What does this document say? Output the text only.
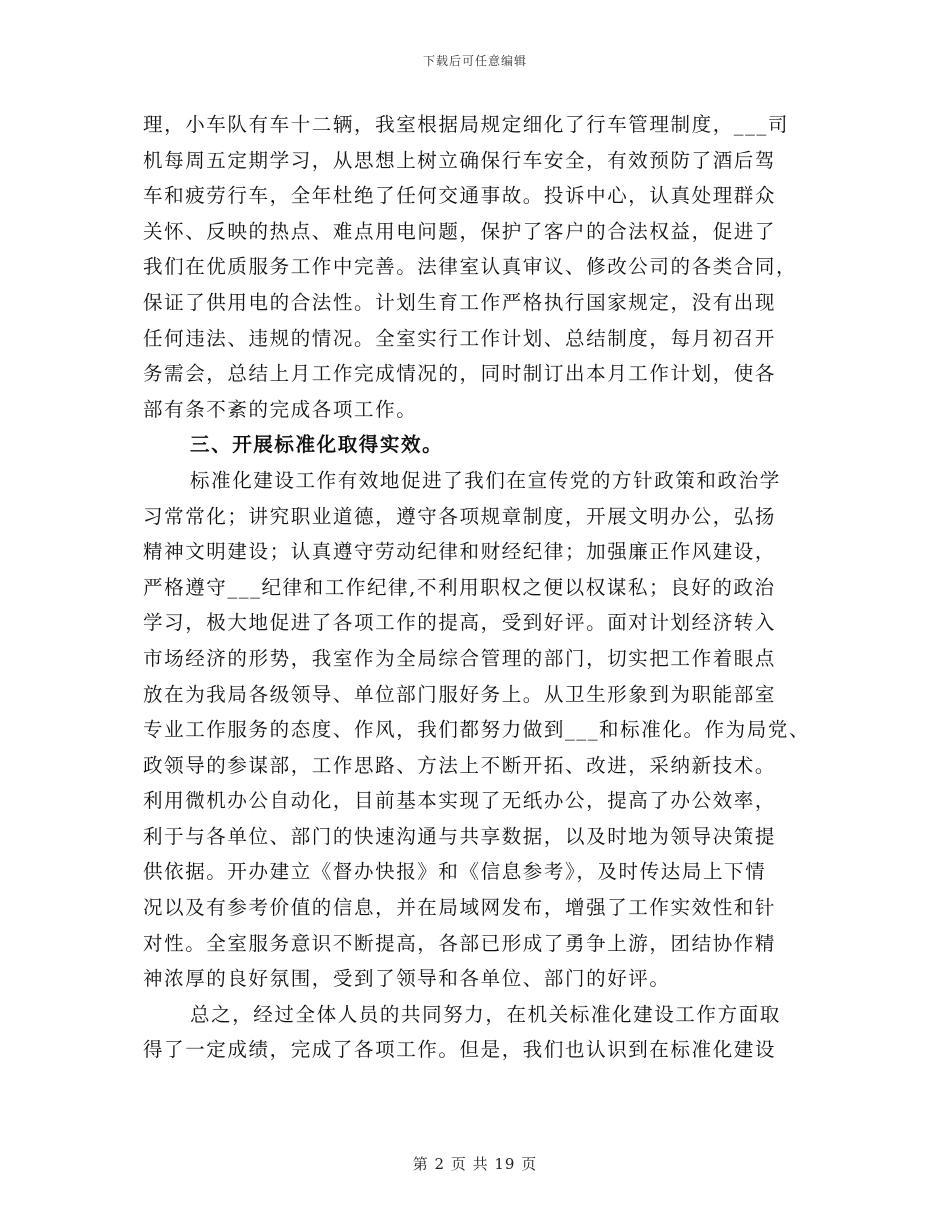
下载后可任意编辑
理，小车队有车十二辆，我室根据局规定细化了行车管理制度，___司
机每周五定期学习，从思想上树立确保行车安全，有效预防了酒后驾
车和疲劳行车，全年杜绝了任何交通事故。投诉中心，认真处理群众
关怀、反映的热点、难点用电问题，保护了客户的合法权益，促进了
我们在优质服务工作中完善。法律室认真审议、修改公司的各类合同，
保证了供用电的合法性。计划生育工作严格执行国家规定，没有出现
任何违法、违规的情况。全室实行工作计划、总结制度，每月初召开
务需会，总结上月工作完成情况的，同时制订出本月工作计划，使各
部有条不紊的完成各项工作。
三、开展标准化取得实效。
标准化建设工作有效地促进了我们在宣传党的方针政策和政治学
习常常化；讲究职业道德，遵守各项规章制度，开展文明办公，弘扬
精神文明建设；认真遵守劳动纪律和财经纪律；加强廉正作风建设，
严格遵守___纪律和工作纪律,不利用职权之便以权谋私；良好的政治
学习，极大地促进了各项工作的提高，受到好评。面对计划经济转入
市场经济的形势，我室作为全局综合管理的部门，切实把工作着眼点
放在为我局各级领导、单位部门服好务上。从卫生形象到为职能部室
专业工作服务的态度、作风，我们都努力做到___和标准化。作为局党、
政领导的参谋部，工作思路、方法上不断开拓、改进，采纳新技术。
利用微机办公自动化，目前基本实现了无纸办公，提高了办公效率，
利于与各单位、部门的快速沟通与共享数据，以及时地为领导决策提
供依据。开办建立《督办快报》和《信息参考》，及时传达局上下情
况以及有参考价值的信息，并在局域网发布，增强了工作实效性和针
对性。全室服务意识不断提高，各部已形成了勇争上游，团结协作精
神浓厚的良好氛围，受到了领导和各单位、部门的好评。
总之，经过全体人员的共同努力，在机关标准化建设工作方面取
得了一定成绩，完成了各项工作。但是，我们也认识到在标准化建设
第 2 页 共 19 页
